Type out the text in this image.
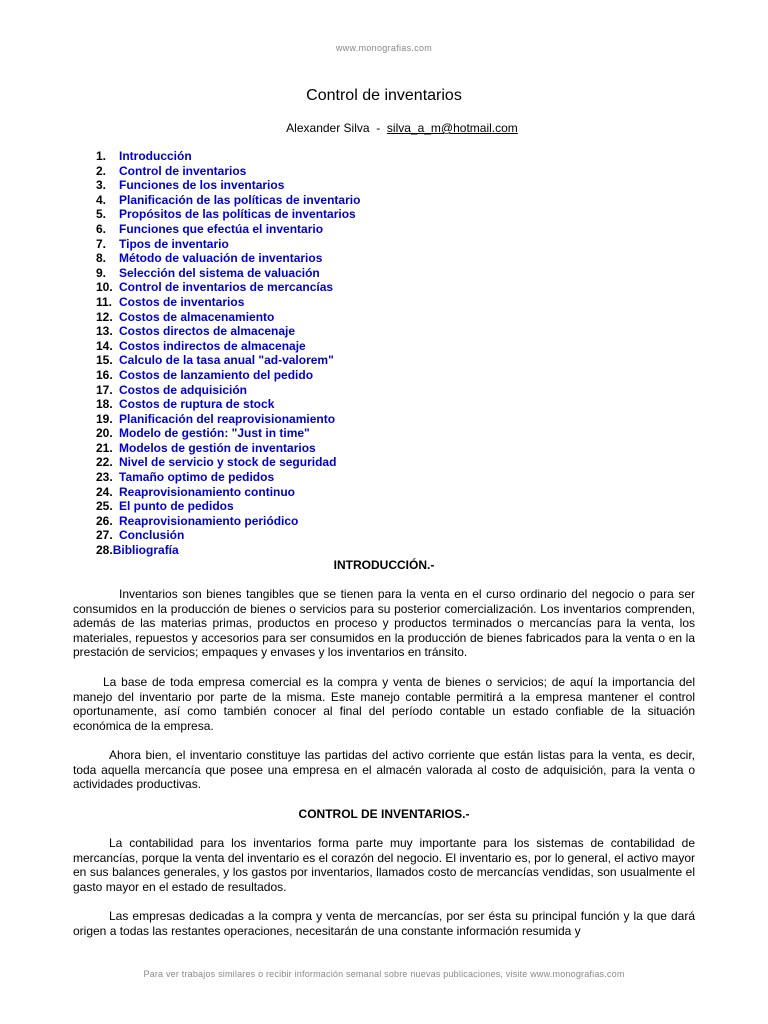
www.monografias.com
Control de inventarios
Alexander Silva - silva_a_m@hotmail.com
1. Introducción
2. Control de inventarios
3. Funciones de los inventarios
4. Planificación de las políticas de inventario
5. Propósitos de las políticas de inventarios
6. Funciones que efectúa el inventario
7. Tipos de inventario
8. Método de valuación de inventarios
9. Selección del sistema de valuación
10. Control de inventarios de mercancías
11. Costos de inventarios
12. Costos de almacenamiento
13. Costos directos de almacenaje
14. Costos indirectos de almacenaje
15. Calculo de la tasa anual "ad-valorem"
16. Costos de lanzamiento del pedido
17. Costos de adquisición
18. Costos de ruptura de stock
19. Planificación del reaprovisionamiento
20. Modelo de gestión: "Just in time"
21. Modelos de gestión de inventarios
22. Nivel de servicio y stock de seguridad
23. Tamaño optimo de pedidos
24. Reaprovisionamiento continuo
25. El punto de pedidos
26. Reaprovisionamiento periódico
27. Conclusión
28.Bibliografía
INTRODUCCIÓN.-

Inventarios son bienes tangibles que se tienen para la venta en el curso ordinario del negocio o para ser consumidos en la producción de bienes o servicios para su posterior comercialización. Los inventarios comprenden, además de las materias primas, productos en proceso y productos terminados o mercancías para la venta, los materiales, repuestos y accesorios para ser consumidos en la producción de bienes fabricados para la venta o en la prestación de servicios; empaques y envases y los inventarios en tránsito.

La base de toda empresa comercial es la compra y venta de bienes o servicios; de aquí la importancia del manejo del inventario por parte de la misma. Este manejo contable permitirá a la empresa mantener el control oportunamente, así como también conocer al final del período contable un estado confiable de la situación económica de la empresa.

Ahora bien, el inventario constituye las partidas del activo corriente que están listas para la venta, es decir, toda aquella mercancía que posee una empresa en el almacén valorada al costo de adquisición, para la venta o actividades productivas.

CONTROL DE INVENTARIOS.-

La contabilidad para los inventarios forma parte muy importante para los sistemas de contabilidad de mercancías, porque la venta del inventario es el corazón del negocio. El inventario es, por lo general, el activo mayor en sus balances generales, y los gastos por inventarios, llamados costo de mercancías vendidas, son usualmente el gasto mayor en el estado de resultados.

Las empresas dedicadas a la compra y venta de mercancías, por ser ésta su principal función y la que dará origen a todas las restantes operaciones, necesitarán de una constante información resumida y

Para ver trabajos similares o recibir información semanal sobre nuevas publicaciones, visite www.monografias.com
